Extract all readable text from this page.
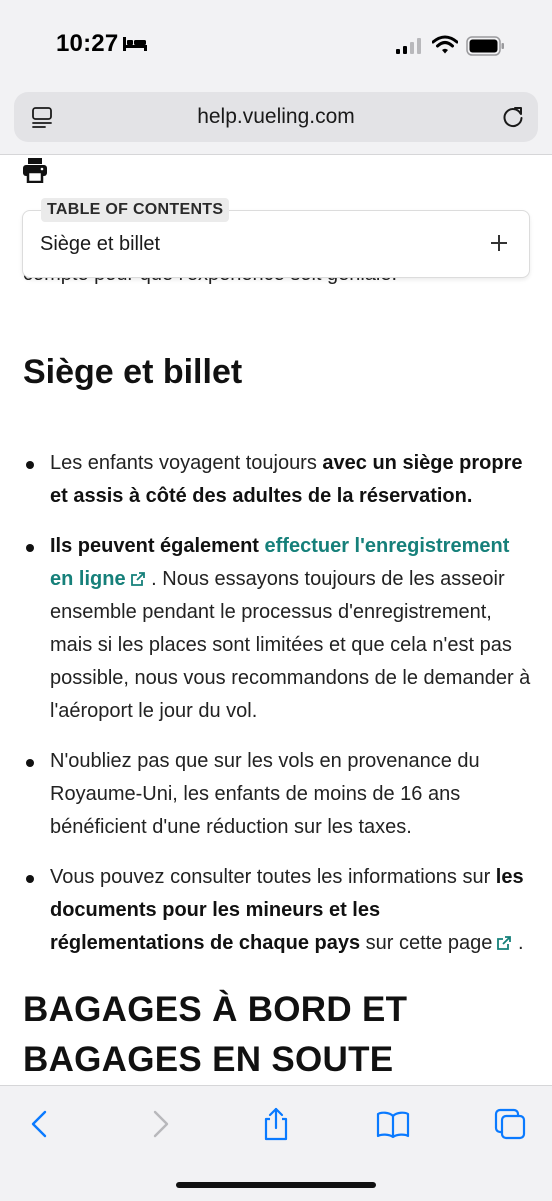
10:27
help.vueling.com

TABLE OF CONTENTS
Siège et billet
Siège et billet
Les enfants voyagent toujours avec un siège propre et assis à côté des adultes de la réservation.
Ils peuvent également effectuer l'enregistrement en ligne . Nous essayons toujours de les asseoir ensemble pendant le processus d'enregistrement, mais si les places sont limitées et que cela n'est pas possible, nous vous recommandons de le demander à l'aéroport le jour du vol.
N'oubliez pas que sur les vols en provenance du Royaume-Uni, les enfants de moins de 16 ans bénéficient d'une réduction sur les taxes.
Vous pouvez consulter toutes les informations sur les documents pour les mineurs et les réglementations de chaque pays sur cette page .
BAGAGES À BORD ET BAGAGES EN SOUTE
